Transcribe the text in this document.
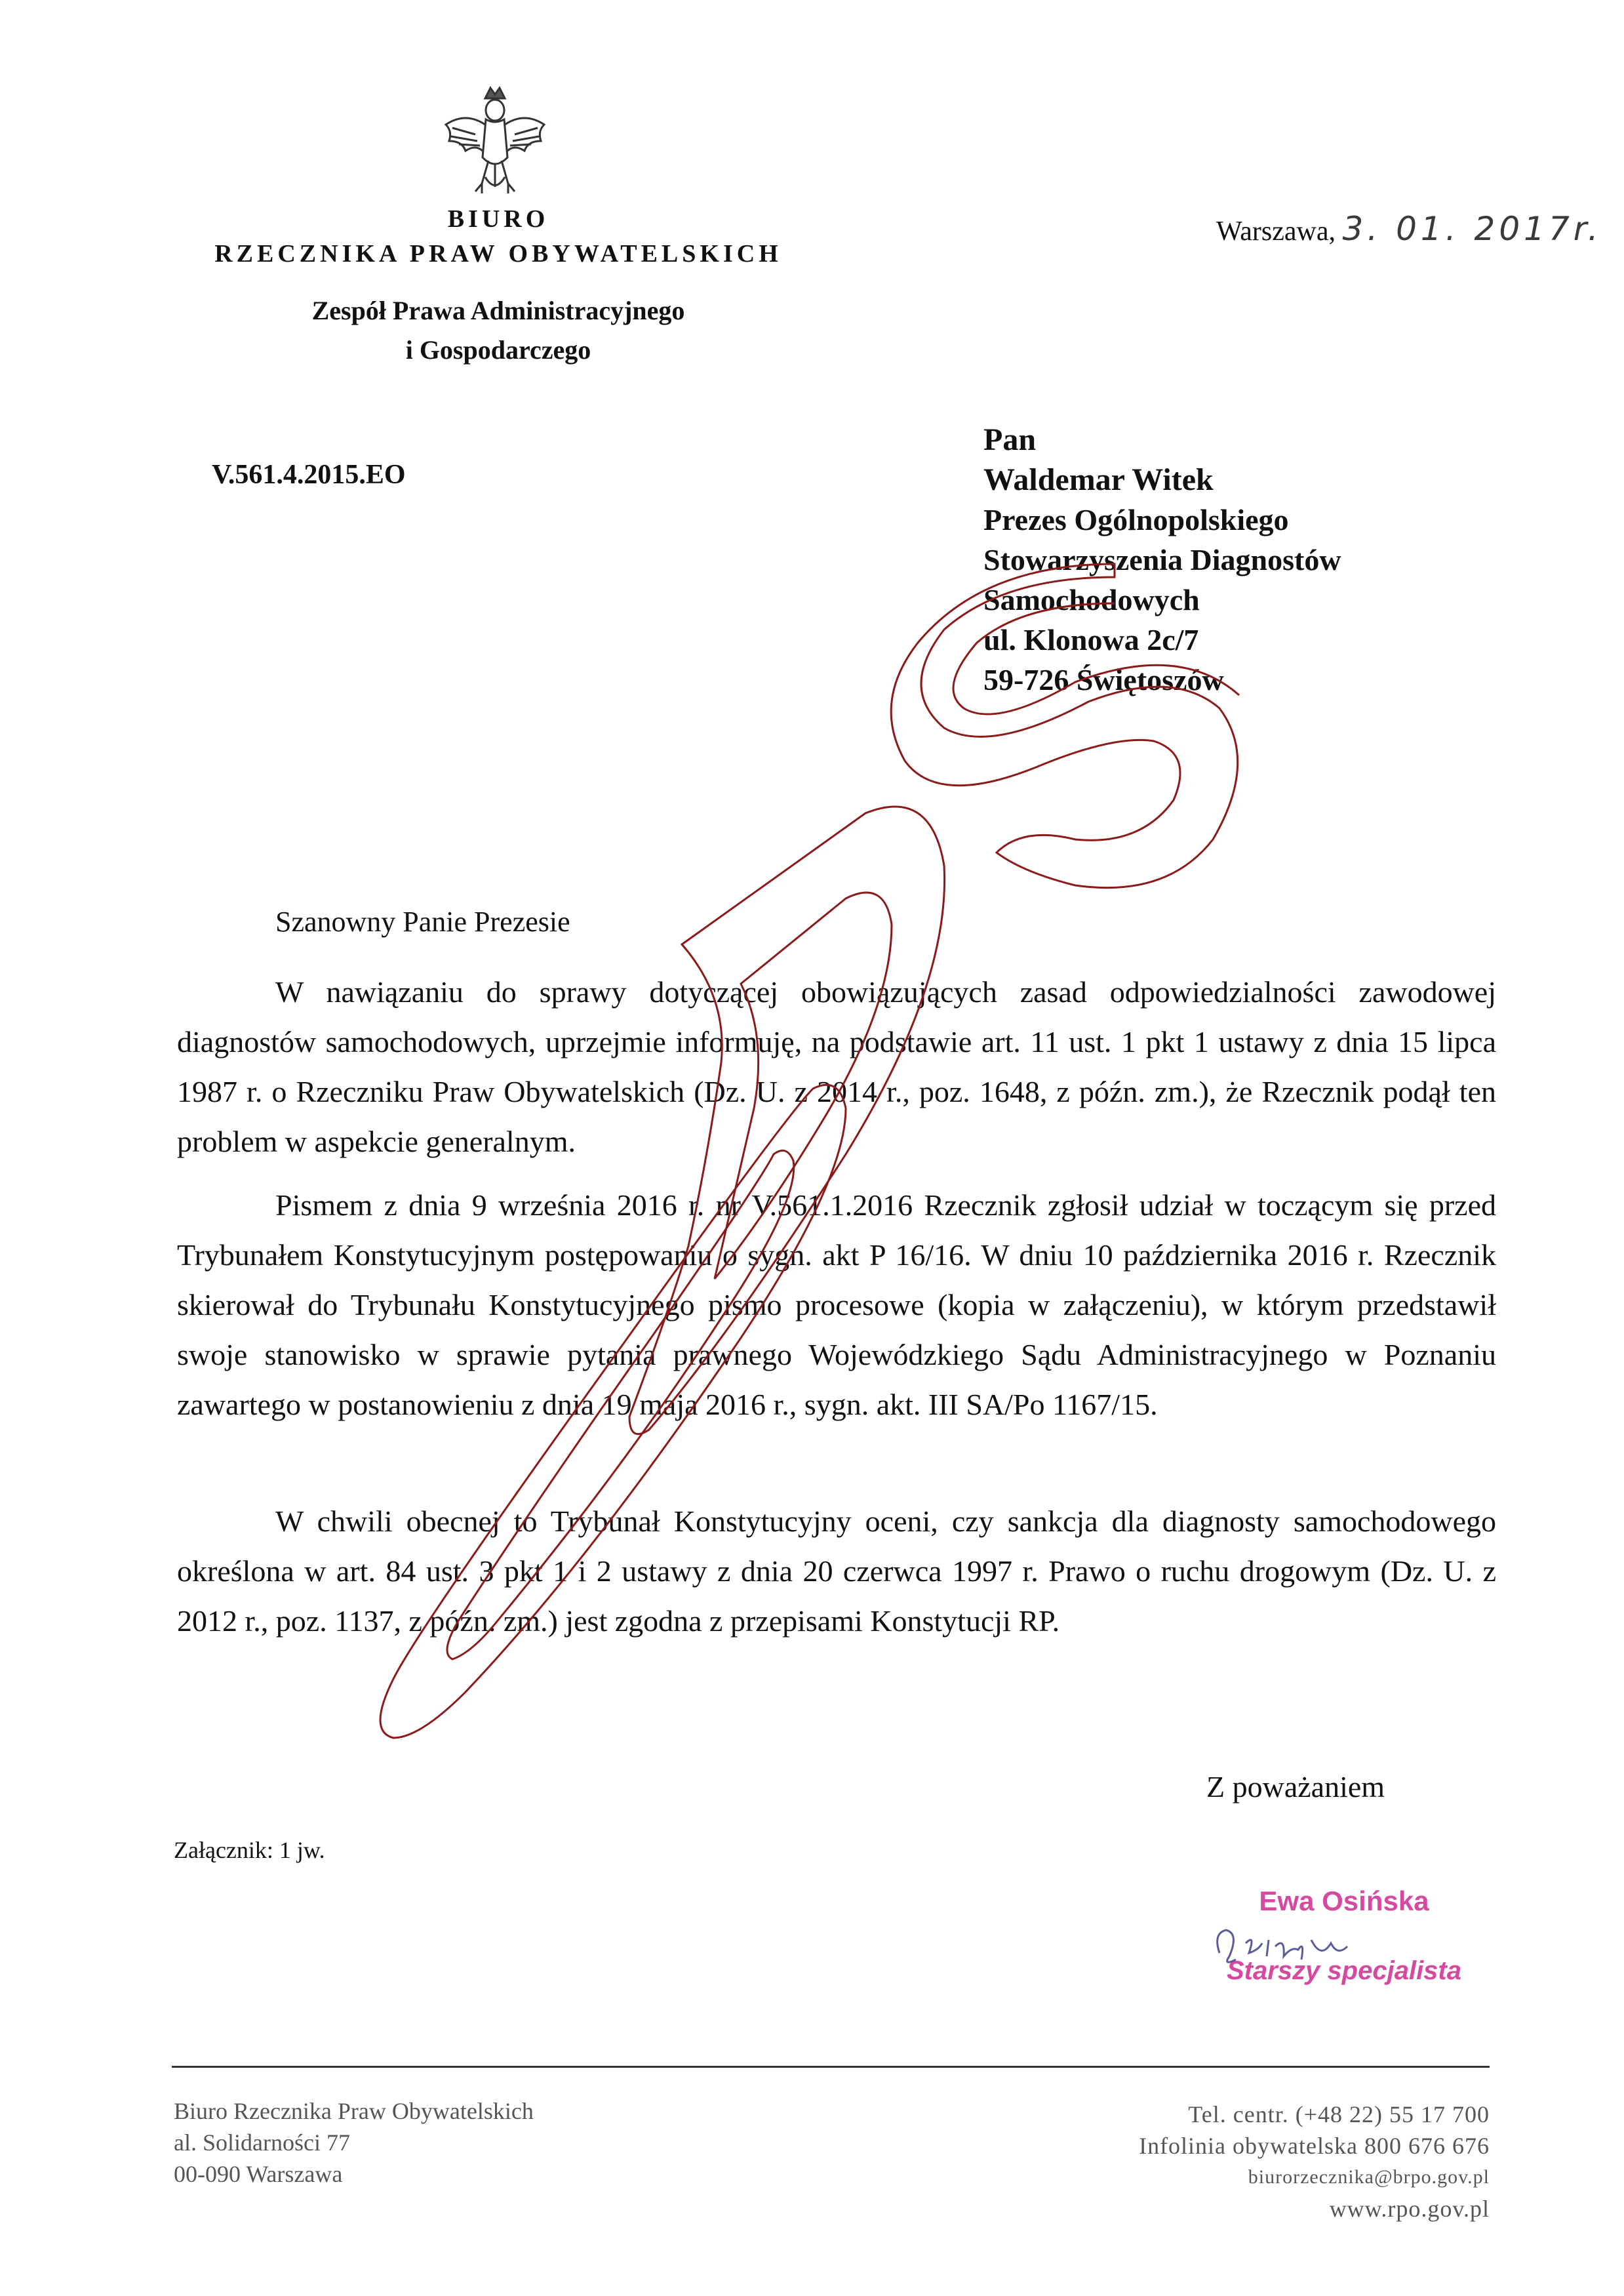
BIURO
RZECZNIKA PRAW OBYWATELSKICH
Zespół Prawa Administracyjnego
i Gospodarczego
Warszawa, 3. 01. 2017r.
V.561.4.2015.EO
Pan
Waldemar Witek
Prezes Ogólnopolskiego
Stowarzyszenia Diagnostów
Samochodowych
ul. Klonowa 2c/7
59-726 Świętoszów
Szanowny Panie Prezesie
W nawiązaniu do sprawy dotyczącej obowiązujących zasad odpowiedzialności zawodowej diagnostów samochodowych, uprzejmie informuję, na podstawie art. 11 ust. 1 pkt 1 ustawy z dnia 15 lipca 1987 r. o Rzeczniku Praw Obywatelskich (Dz. U. z 2014 r., poz. 1648, z późn. zm.), że Rzecznik podął ten problem w aspekcie generalnym.
Pismem z dnia 9 września 2016 r. nr V.561.1.2016 Rzecznik zgłosił udział w toczącym się przed Trybunałem Konstytucyjnym postępowaniu o sygn. akt P 16/16. W dniu 10 października 2016 r. Rzecznik skierował do Trybunału Konstytucyjnego pismo procesowe (kopia w załączeniu), w którym przedstawił swoje stanowisko w sprawie pytania prawnego Wojewódzkiego Sądu Administracyjnego w Poznaniu zawartego w postanowieniu z dnia 19 maja 2016 r., sygn. akt. III SA/Po 1167/15.
W chwili obecnej to Trybunał Konstytucyjny oceni, czy sankcja dla diagnosty samochodowego określona w art. 84 ust. 3 pkt 1 i 2 ustawy z dnia 20 czerwca 1997 r. Prawo o ruchu drogowym (Dz. U. z 2012 r., poz. 1137, z późn. zm.) jest zgodna z przepisami Konstytucji RP.
Z poważaniem
Załącznik: 1 jw.
Ewa Osińska
Starszy specjalista
Biuro Rzecznika Praw Obywatelskich
al. Solidarności 77
00-090 Warszawa
Tel. centr. (+48 22) 55 17 700
Infolinia obywatelska 800 676 676
biurorzecznika@brpo.gov.pl
www.rpo.gov.pl
